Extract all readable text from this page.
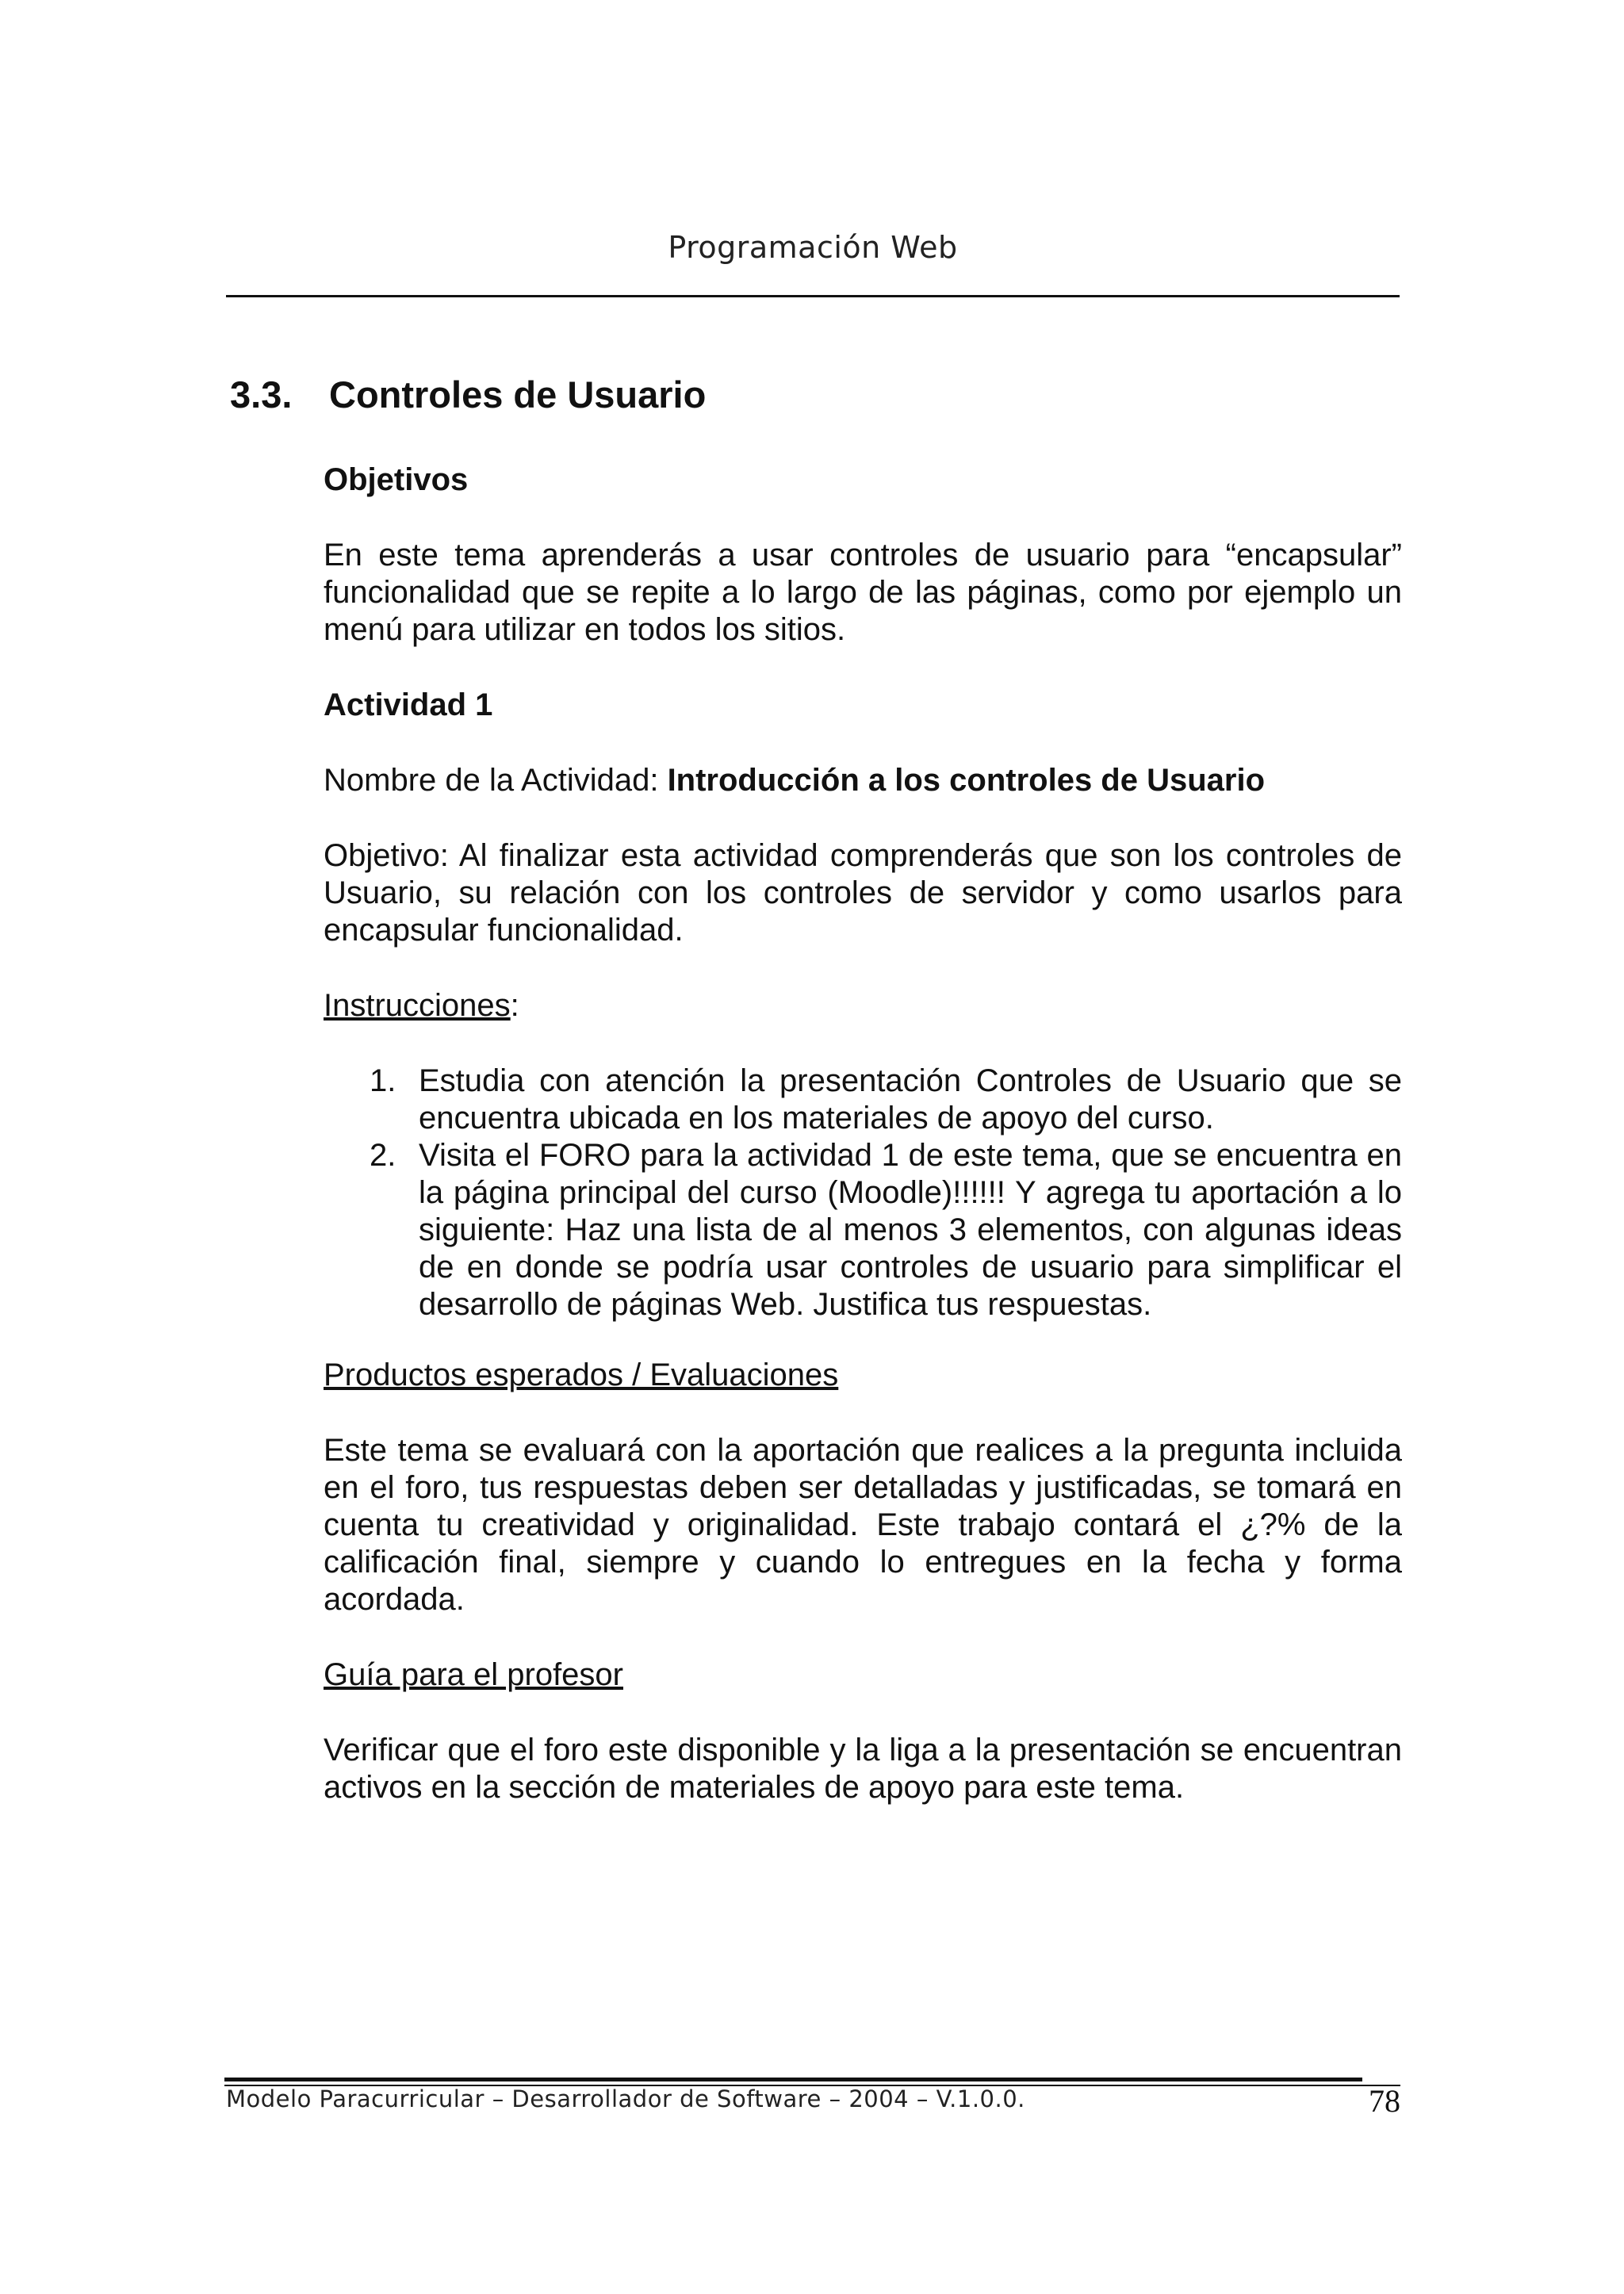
Programación Web
3.3. Controles de Usuario

Objetivos

En este tema aprenderás a usar controles de usuario para “encapsular” funcionalidad que se repite a lo largo de las páginas, como por ejemplo un menú para utilizar en todos los sitios.

Actividad 1

Nombre de la Actividad: Introducción a los controles de Usuario

Objetivo: Al finalizar esta actividad comprenderás que son los controles de Usuario, su relación con los controles de servidor y como usarlos para encapsular funcionalidad.

Instrucciones:

1. Estudia con atención la presentación Controles de Usuario que se encuentra ubicada en los materiales de apoyo del curso.
2. Visita el FORO para la actividad 1 de este tema, que se encuentra en la página principal del curso (Moodle)!!!!!! Y agrega tu aportación a lo siguiente: Haz una lista de al menos 3 elementos, con algunas ideas de en donde se podría usar controles de usuario para simplificar el desarrollo de páginas Web. Justifica tus respuestas.

Productos esperados / Evaluaciones

Este tema se evaluará con la aportación que realices a la pregunta incluida en el foro, tus respuestas deben ser detalladas y justificadas, se tomará en cuenta tu creatividad y originalidad. Este trabajo contará el ¿?% de la calificación final, siempre y cuando lo entregues en la fecha y forma acordada.

Guía para el profesor

Verificar que el foro este disponible y la liga a la presentación se encuentran activos en la sección de materiales de apoyo para este tema.

Modelo Paracurricular – Desarrollador de Software – 2004 – V.1.0.0.	78
